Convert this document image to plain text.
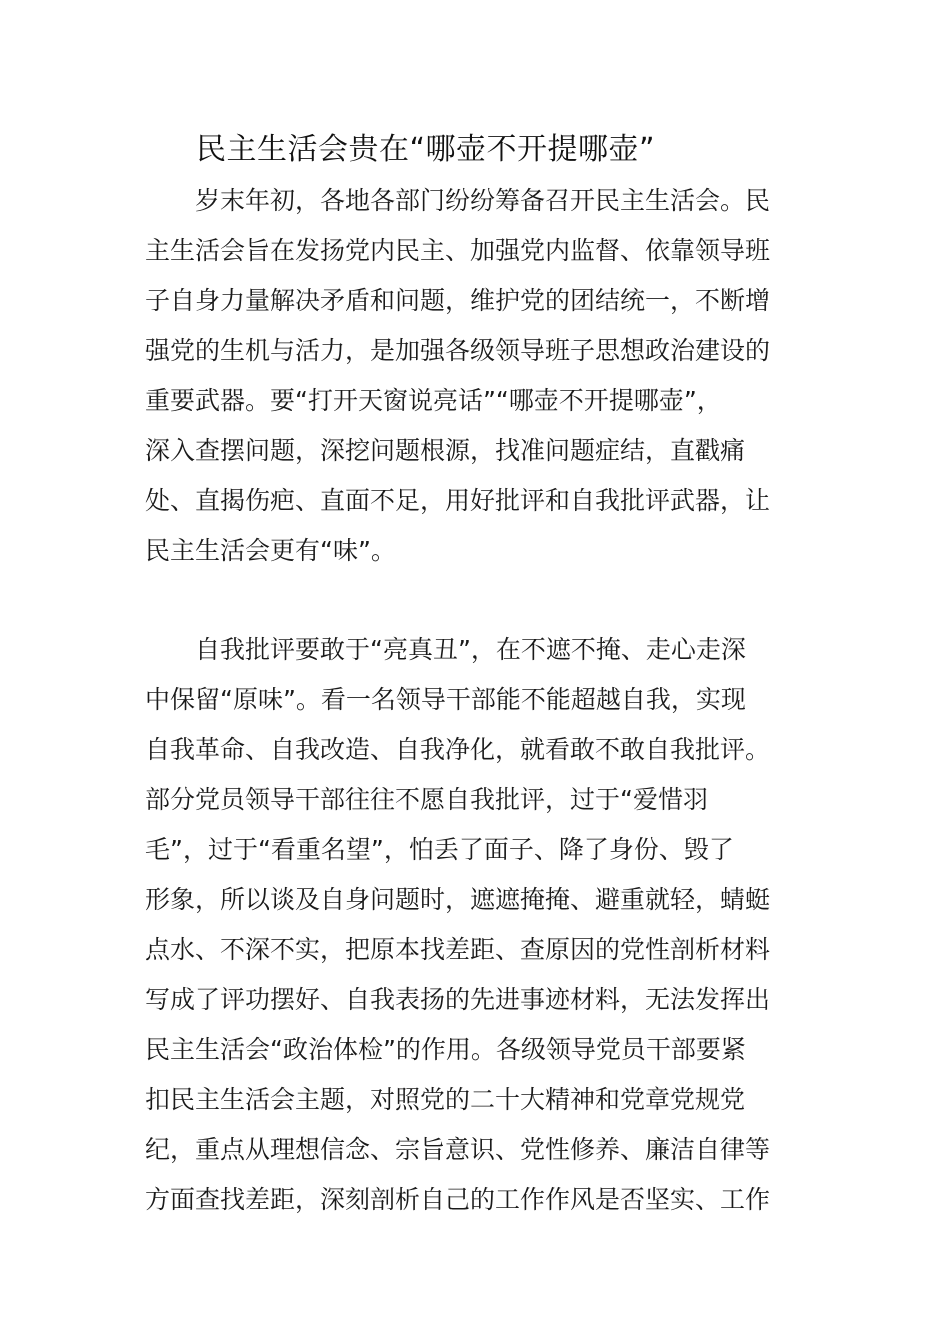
民主生活会贵在“哪壶不开提哪壶”
　　岁末年初，各地各部门纷纷筹备召开民主生活会。民
主生活会旨在发扬党内民主、加强党内监督、依靠领导班
子自身力量解决矛盾和问题，维护党的团结统一，不断增
强党的生机与活力，是加强各级领导班子思想政治建设的
重要武器。要“打开天窗说亮话”“哪壶不开提哪壶”，
深入查摆问题，深挖问题根源，找准问题症结，直戳痛
处、直揭伤疤、直面不足，用好批评和自我批评武器，让
民主生活会更有“味”。
　　自我批评要敢于“亮真丑”，在不遮不掩、走心走深
中保留“原味”。看一名领导干部能不能超越自我，实现
自我革命、自我改造、自我净化，就看敢不敢自我批评。
部分党员领导干部往往不愿自我批评，过于“爱惜羽
毛”，过于“看重名望”，怕丢了面子、降了身份、毁了
形象，所以谈及自身问题时，遮遮掩掩、避重就轻，蜻蜓
点水、不深不实，把原本找差距、查原因的党性剖析材料
写成了评功摆好、自我表扬的先进事迹材料，无法发挥出
民主生活会“政治体检”的作用。各级领导党员干部要紧
扣民主生活会主题，对照党的二十大精神和党章党规党
纪，重点从理想信念、宗旨意识、党性修养、廉洁自律等
方面查找差距，深刻剖析自己的工作作风是否坚实、工作
